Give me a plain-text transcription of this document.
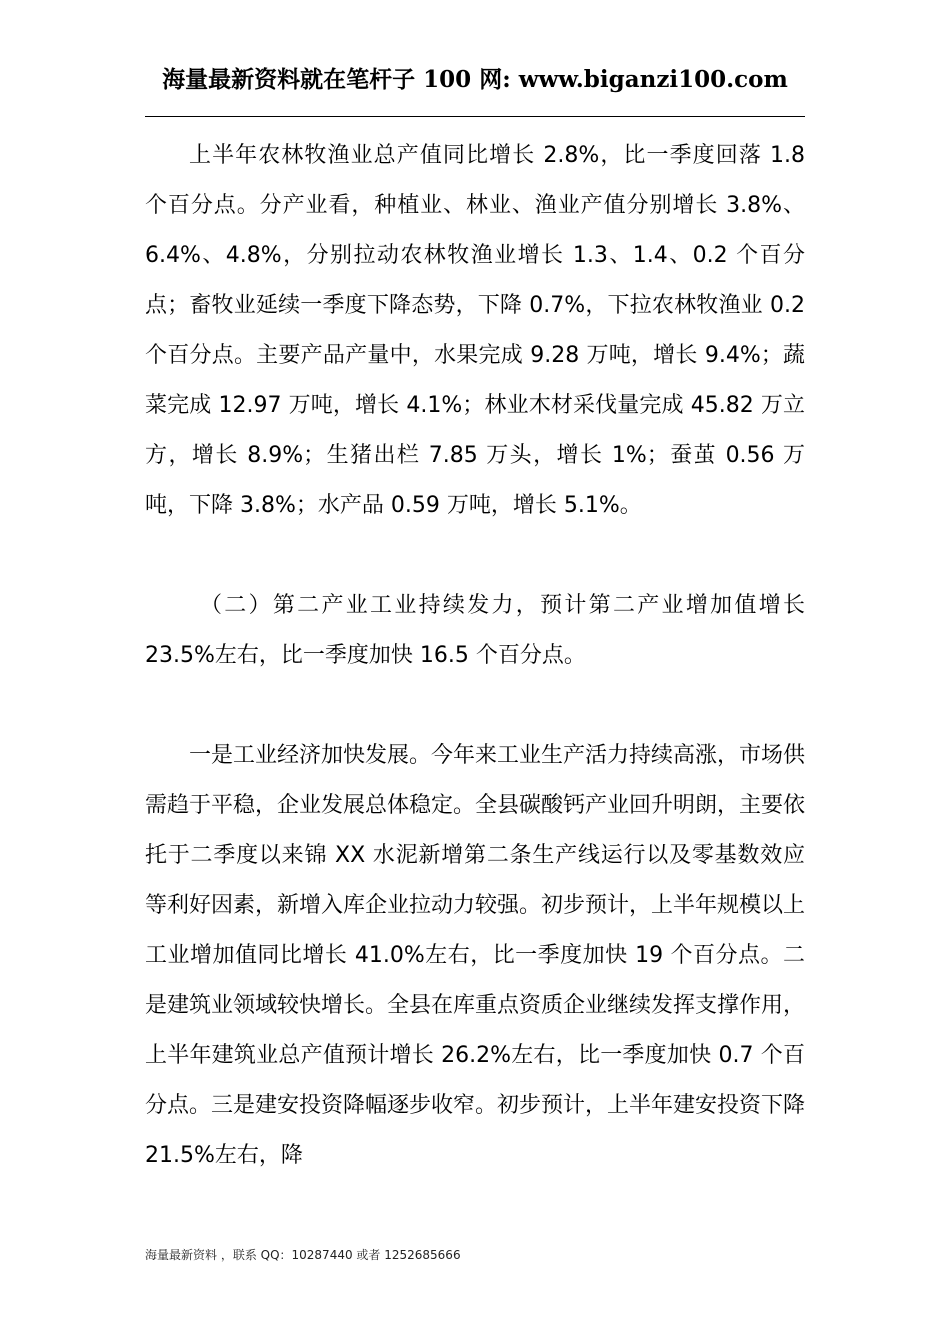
海量最新资料就在笔杆子 100 网: www.biganzi100.com

上半年农林牧渔业总产值同比增长 2.8%，比一季度回落 1.8 个百分点。分产业看，种植业、林业、渔业产值分别增长 3.8%、6.4%、4.8%，分别拉动农林牧渔业增长 1.3、1.4、0.2 个百分点；畜牧业延续一季度下降态势，下降 0.7%，下拉农林牧渔业 0.2 个百分点。主要产品产量中，水果完成 9.28 万吨，增长 9.4%；蔬菜完成 12.97 万吨，增长 4.1%；林业木材采伐量完成 45.82 万立方，增长 8.9%；生猪出栏 7.85 万头，增长 1%；蚕茧 0.56 万吨，下降 3.8%；水产品 0.59 万吨，增长 5.1%。

（二）第二产业工业持续发力，预计第二产业增加值增长 23.5%左右，比一季度加快 16.5 个百分点。

一是工业经济加快发展。今年来工业生产活力持续高涨，市场供需趋于平稳，企业发展总体稳定。全县碳酸钙产业回升明朗，主要依托于二季度以来锦 XX 水泥新增第二条生产线运行以及零基数效应等利好因素，新增入库企业拉动力较强。初步预计，上半年规模以上工业增加值同比增长 41.0%左右，比一季度加快 19 个百分点。二是建筑业领域较快增长。全县在库重点资质企业继续发挥支撑作用，上半年建筑业总产值预计增长 26.2%左右，比一季度加快 0.7 个百分点。三是建安投资降幅逐步收窄。初步预计，上半年建安投资下降 21.5%左右，降

海量最新资料 ，联系 QQ：10287440 或者 1252685666
